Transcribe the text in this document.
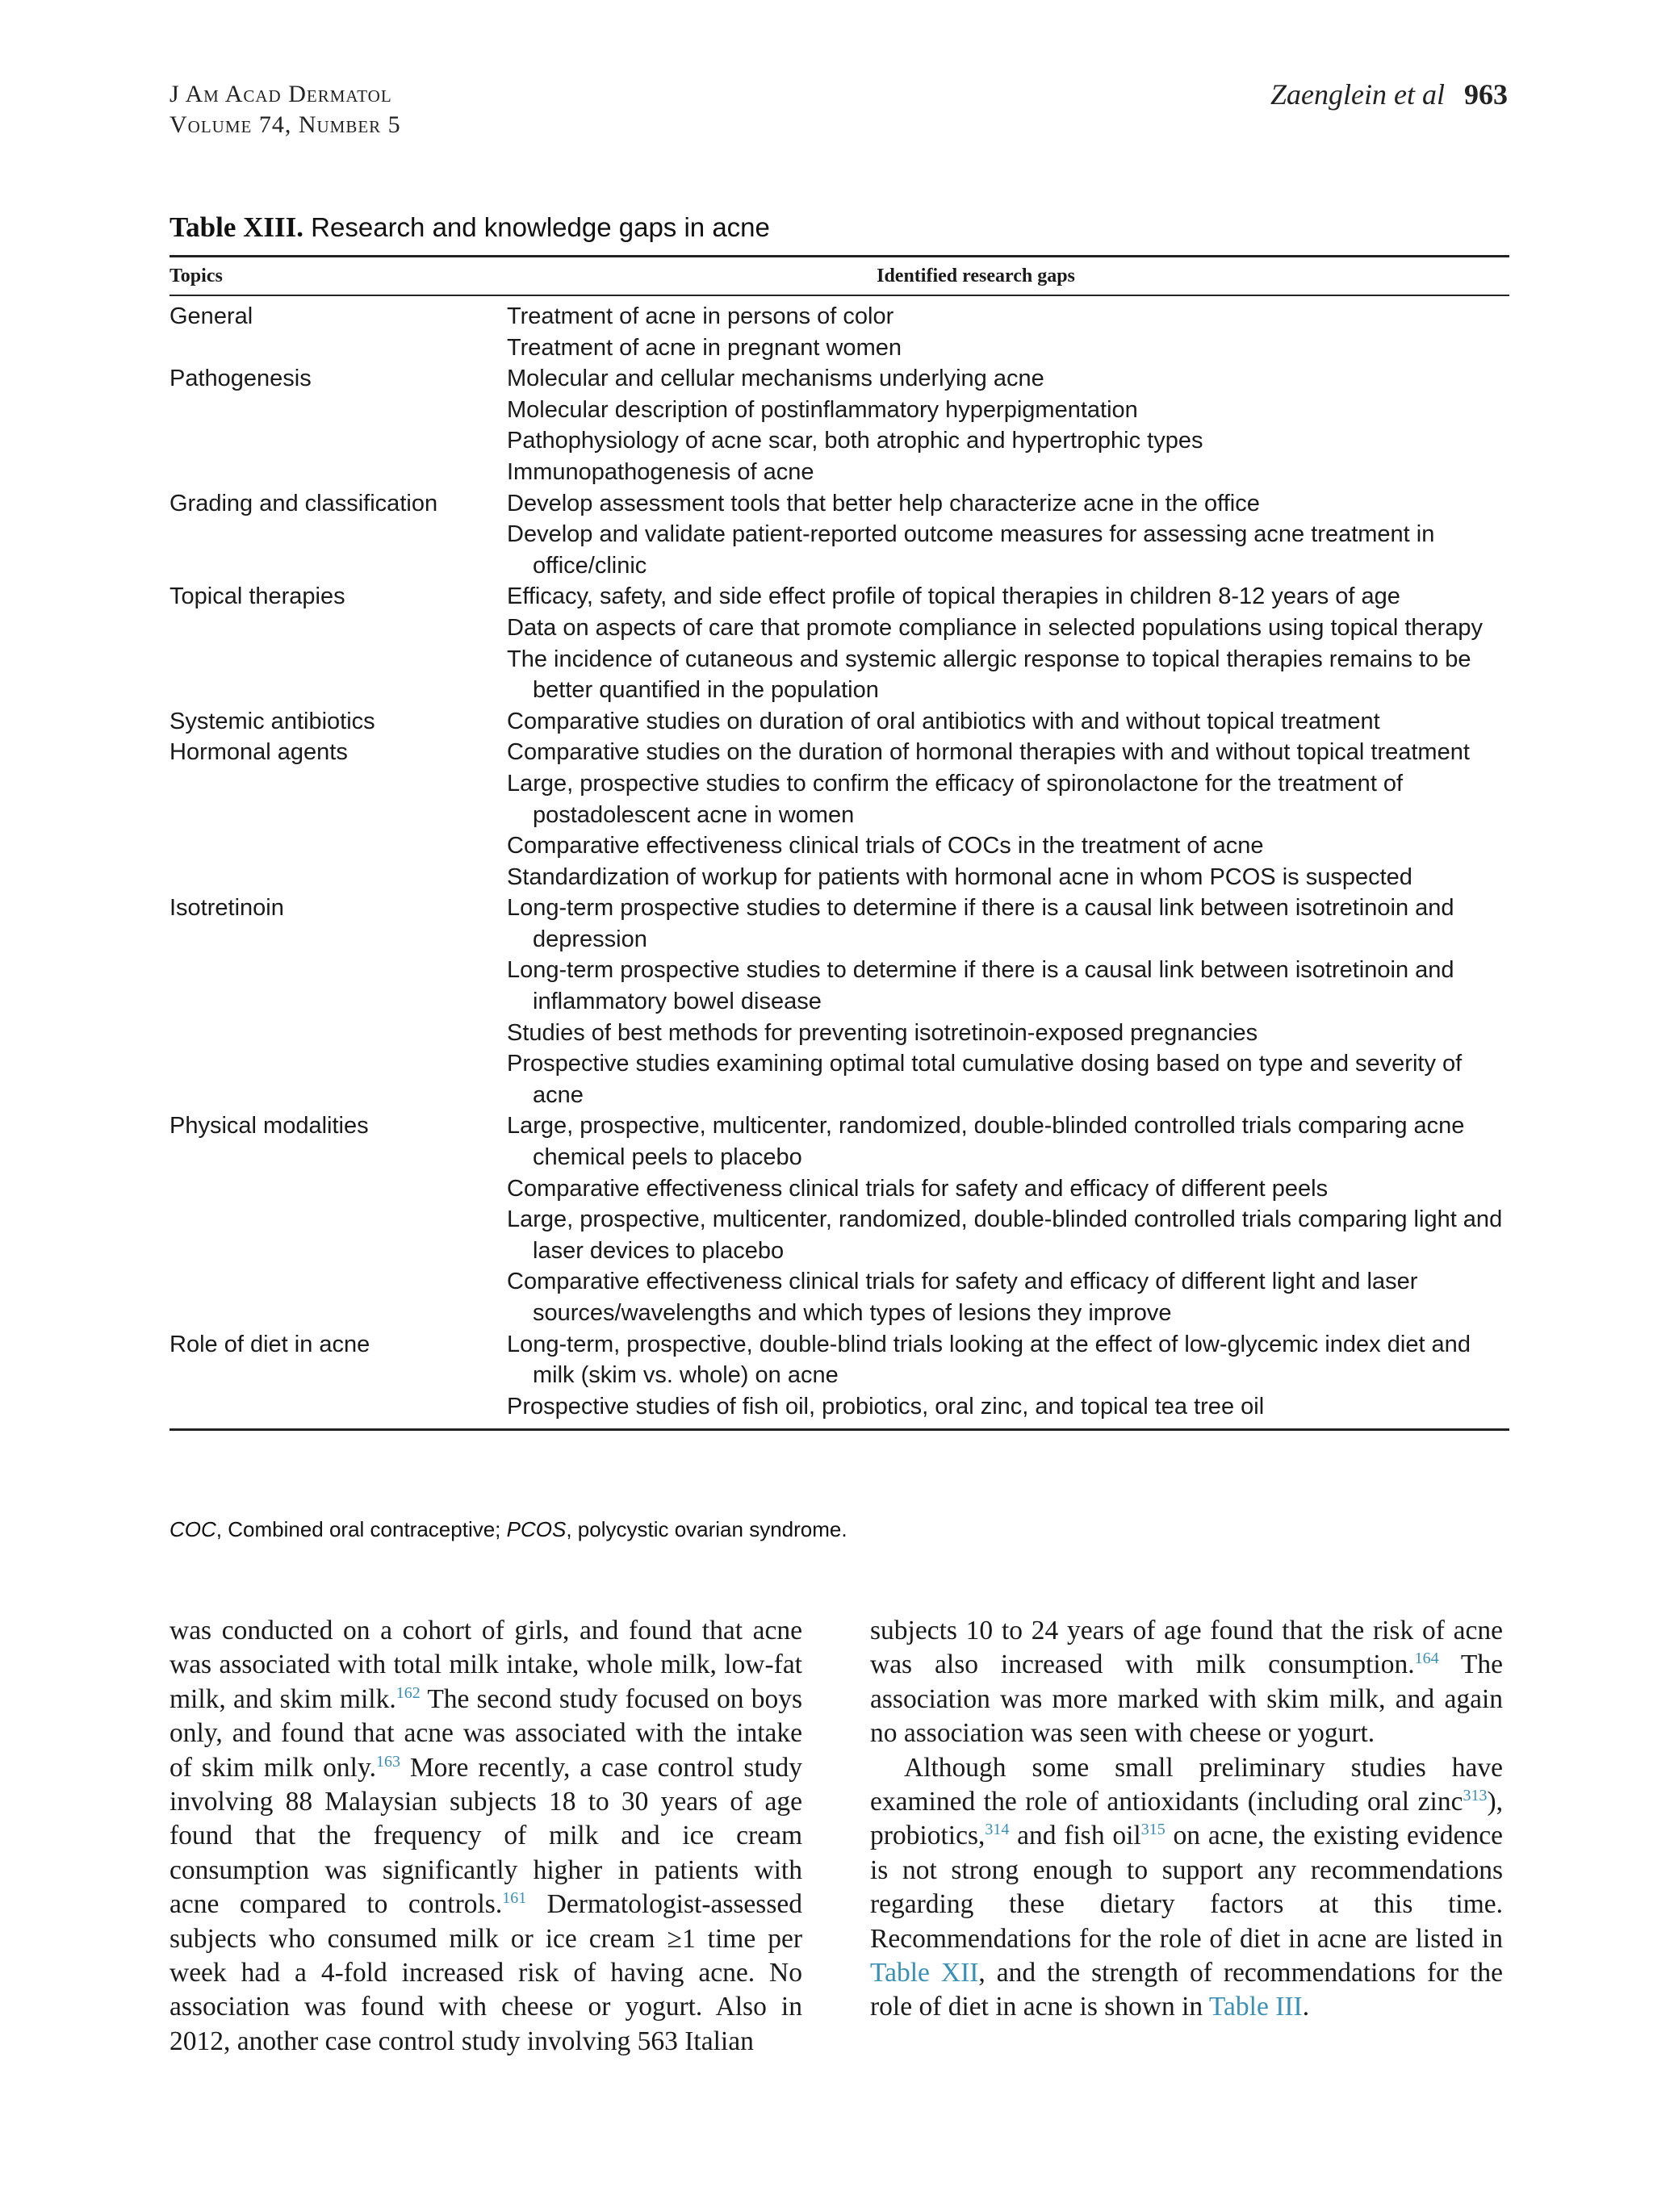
J Am Acad Dermatol
Volume 74, Number 5
Zaenglein et al 963
Table XIII. Research and knowledge gaps in acne
Topics	Identified research gaps
General	Treatment of acne in persons of color
Treatment of acne in pregnant women
Pathogenesis	Molecular and cellular mechanisms underlying acne
Molecular description of postinflammatory hyperpigmentation
Pathophysiology of acne scar, both atrophic and hypertrophic types
Immunopathogenesis of acne
Grading and classification	Develop assessment tools that better help characterize acne in the office
Develop and validate patient-reported outcome measures for assessing acne treatment in office/clinic
Topical therapies	Efficacy, safety, and side effect profile of topical therapies in children 8-12 years of age
Data on aspects of care that promote compliance in selected populations using topical therapy
The incidence of cutaneous and systemic allergic response to topical therapies remains to be better quantified in the population
Systemic antibiotics	Comparative studies on duration of oral antibiotics with and without topical treatment
Hormonal agents	Comparative studies on the duration of hormonal therapies with and without topical treatment
Large, prospective studies to confirm the efficacy of spironolactone for the treatment of postadolescent acne in women
Comparative effectiveness clinical trials of COCs in the treatment of acne
Standardization of workup for patients with hormonal acne in whom PCOS is suspected
Isotretinoin	Long-term prospective studies to determine if there is a causal link between isotretinoin and depression
Long-term prospective studies to determine if there is a causal link between isotretinoin and inflammatory bowel disease
Studies of best methods for preventing isotretinoin-exposed pregnancies
Prospective studies examining optimal total cumulative dosing based on type and severity of acne
Physical modalities	Large, prospective, multicenter, randomized, double-blinded controlled trials comparing acne chemical peels to placebo
Comparative effectiveness clinical trials for safety and efficacy of different peels
Large, prospective, multicenter, randomized, double-blinded controlled trials comparing light and laser devices to placebo
Comparative effectiveness clinical trials for safety and efficacy of different light and laser sources/wavelengths and which types of lesions they improve
Role of diet in acne	Long-term, prospective, double-blind trials looking at the effect of low-glycemic index diet and milk (skim vs. whole) on acne
Prospective studies of fish oil, probiotics, oral zinc, and topical tea tree oil
COC, Combined oral contraceptive; PCOS, polycystic ovarian syndrome.

was conducted on a cohort of girls, and found that acne was associated with total milk intake, whole milk, low-fat milk, and skim milk.$^{162}$ The second study focused on boys only, and found that acne was associated with the intake of skim milk only.$^{163}$ More recently, a case control study involving 88 Malaysian subjects 18 to 30 years of age found that the frequency of milk and ice cream consumption was significantly higher in patients with acne compared to controls.$^{161}$ Dermatologist-assessed subjects who consumed milk or ice cream ≥1 time per week had a 4-fold increased risk of having acne. No association was found with cheese or yogurt. Also in 2012, another case control study involving 563 Italian

subjects 10 to 24 years of age found that the risk of acne was also increased with milk consumption.$^{164}$ The association was more marked with skim milk, and again no association was seen with cheese or yogurt.

Although some small preliminary studies have examined the role of antioxidants (including oral zinc$^{313}$), probiotics,$^{314}$ and fish oil$^{315}$ on acne, the existing evidence is not strong enough to support any recommendations regarding these dietary factors at this time. Recommendations for the role of diet in acne are listed in Table XII, and the strength of recommendations for the role of diet in acne is shown in Table III.
